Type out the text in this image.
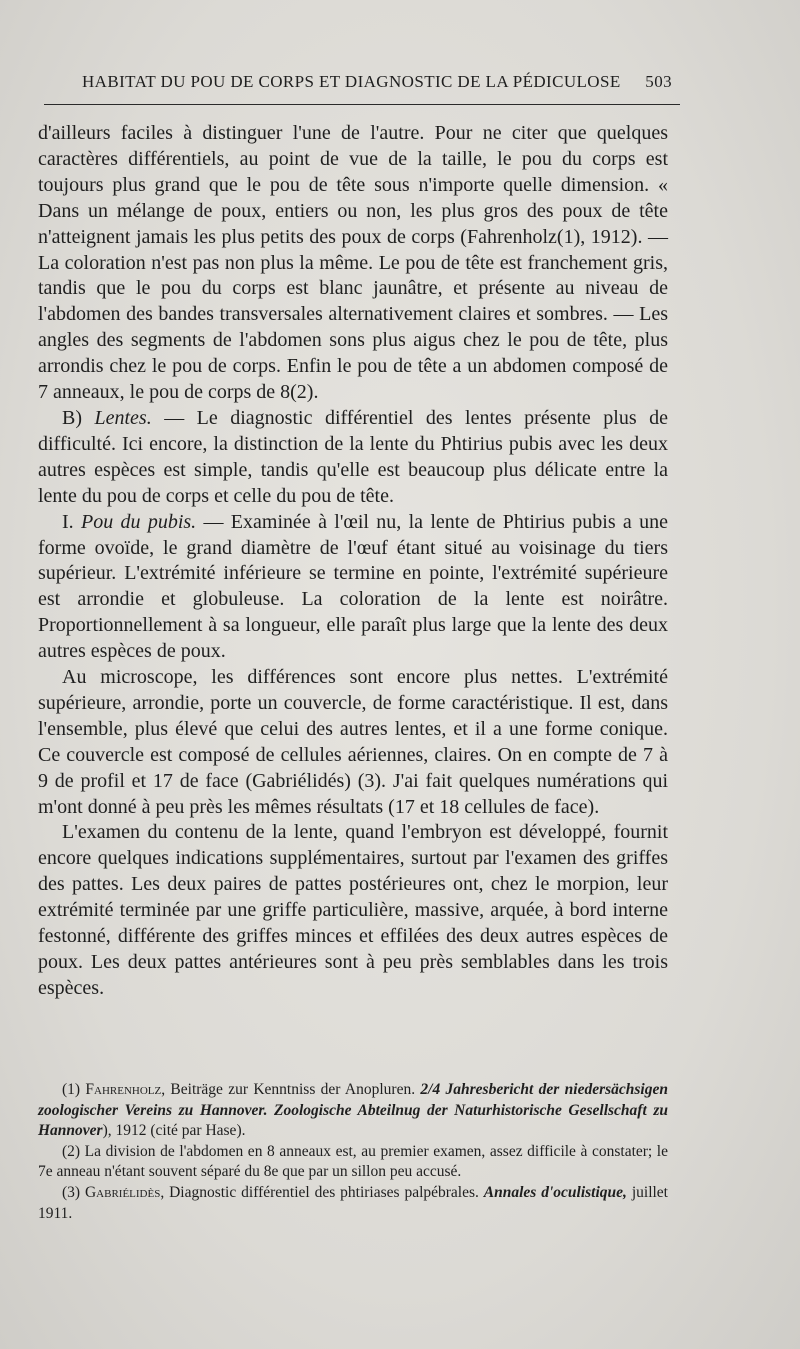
HABITAT DU POU DE CORPS ET DIAGNOSTIC DE LA PÉDICULOSE 503

d'ailleurs faciles à distinguer l'une de l'autre. Pour ne citer que quelques caractères différentiels, au point de vue de la taille, le pou du corps est toujours plus grand que le pou de tête sous n'importe quelle dimension. « Dans un mélange de poux, entiers ou non, les plus gros des poux de tête n'atteignent jamais les plus petits des poux de corps (Fahrenholz(1), 1912). — La coloration n'est pas non plus la même. Le pou de tête est franchement gris, tandis que le pou du corps est blanc jaunâtre, et présente au niveau de l'abdomen des bandes transversales alternativement claires et sombres. — Les angles des segments de l'abdomen sons plus aigus chez le pou de tête, plus arrondis chez le pou de corps. Enfin le pou de tête a un abdomen composé de 7 anneaux, le pou de corps de 8(2).

B) Lentes. — Le diagnostic différentiel des lentes présente plus de difficulté. Ici encore, la distinction de la lente du Phtirius pubis avec les deux autres espèces est simple, tandis qu'elle est beaucoup plus délicate entre la lente du pou de corps et celle du pou de tête.

I. Pou du pubis. — Examinée à l'œil nu, la lente de Phtirius pubis a une forme ovoïde, le grand diamètre de l'œuf étant situé au voisinage du tiers supérieur. L'extrémité inférieure se termine en pointe, l'extrémité supérieure est arrondie et globuleuse. La coloration de la lente est noirâtre. Proportionnellement à sa longueur, elle paraît plus large que la lente des deux autres espèces de poux.

Au microscope, les différences sont encore plus nettes. L'extrémité supérieure, arrondie, porte un couvercle, de forme caractéristique. Il est, dans l'ensemble, plus élevé que celui des autres lentes, et il a une forme conique. Ce couvercle est composé de cellules aériennes, claires. On en compte de 7 à 9 de profil et 17 de face (Gabriélidés) (3). J'ai fait quelques numérations qui m'ont donné à peu près les mêmes résultats (17 et 18 cellules de face).

L'examen du contenu de la lente, quand l'embryon est développé, fournit encore quelques indications supplémentaires, surtout par l'examen des griffes des pattes. Les deux paires de pattes postérieures ont, chez le morpion, leur extrémité terminée par une griffe particulière, massive, arquée, à bord interne festonné, différente des griffes minces et effilées des deux autres espèces de poux. Les deux pattes antérieures sont à peu près semblables dans les trois espèces.

(1) Fahrenholz, Beiträge zur Kenntniss der Anopluren. 2/4 Jahresbericht der niedersächsigen zoologischer Vereins zu Hannover. Zoologische Abteilnug der Naturhistorische Gesellschaft zu Hannover), 1912 (cité par Hase).

(2) La division de l'abdomen en 8 anneaux est, au premier examen, assez difficile à constater; le 7e anneau n'étant souvent séparé du 8e que par un sillon peu accusé.

(3) Gabriélidès, Diagnostic différentiel des phtiriases palpébrales. Annales d'oculistique, juillet 1911.
